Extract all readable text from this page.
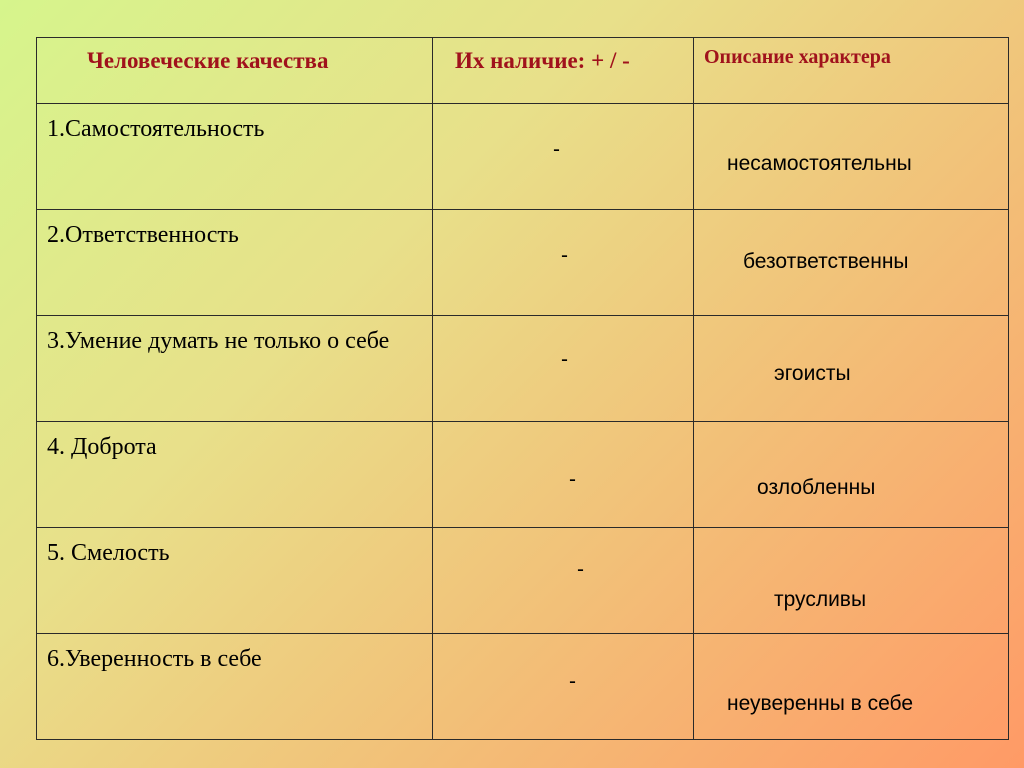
Человеческие качества	Их наличие: + / -	Описание характера

1.Самостоятельность	-	несамостоятельны

2.Ответственность	-	безответственны

3.Умение думать не только о себе	-	эгоисты

4. Доброта	-	озлобленны

5. Смелость	-	трусливы

6.Уверенность в себе	-	неуверенны в себе
